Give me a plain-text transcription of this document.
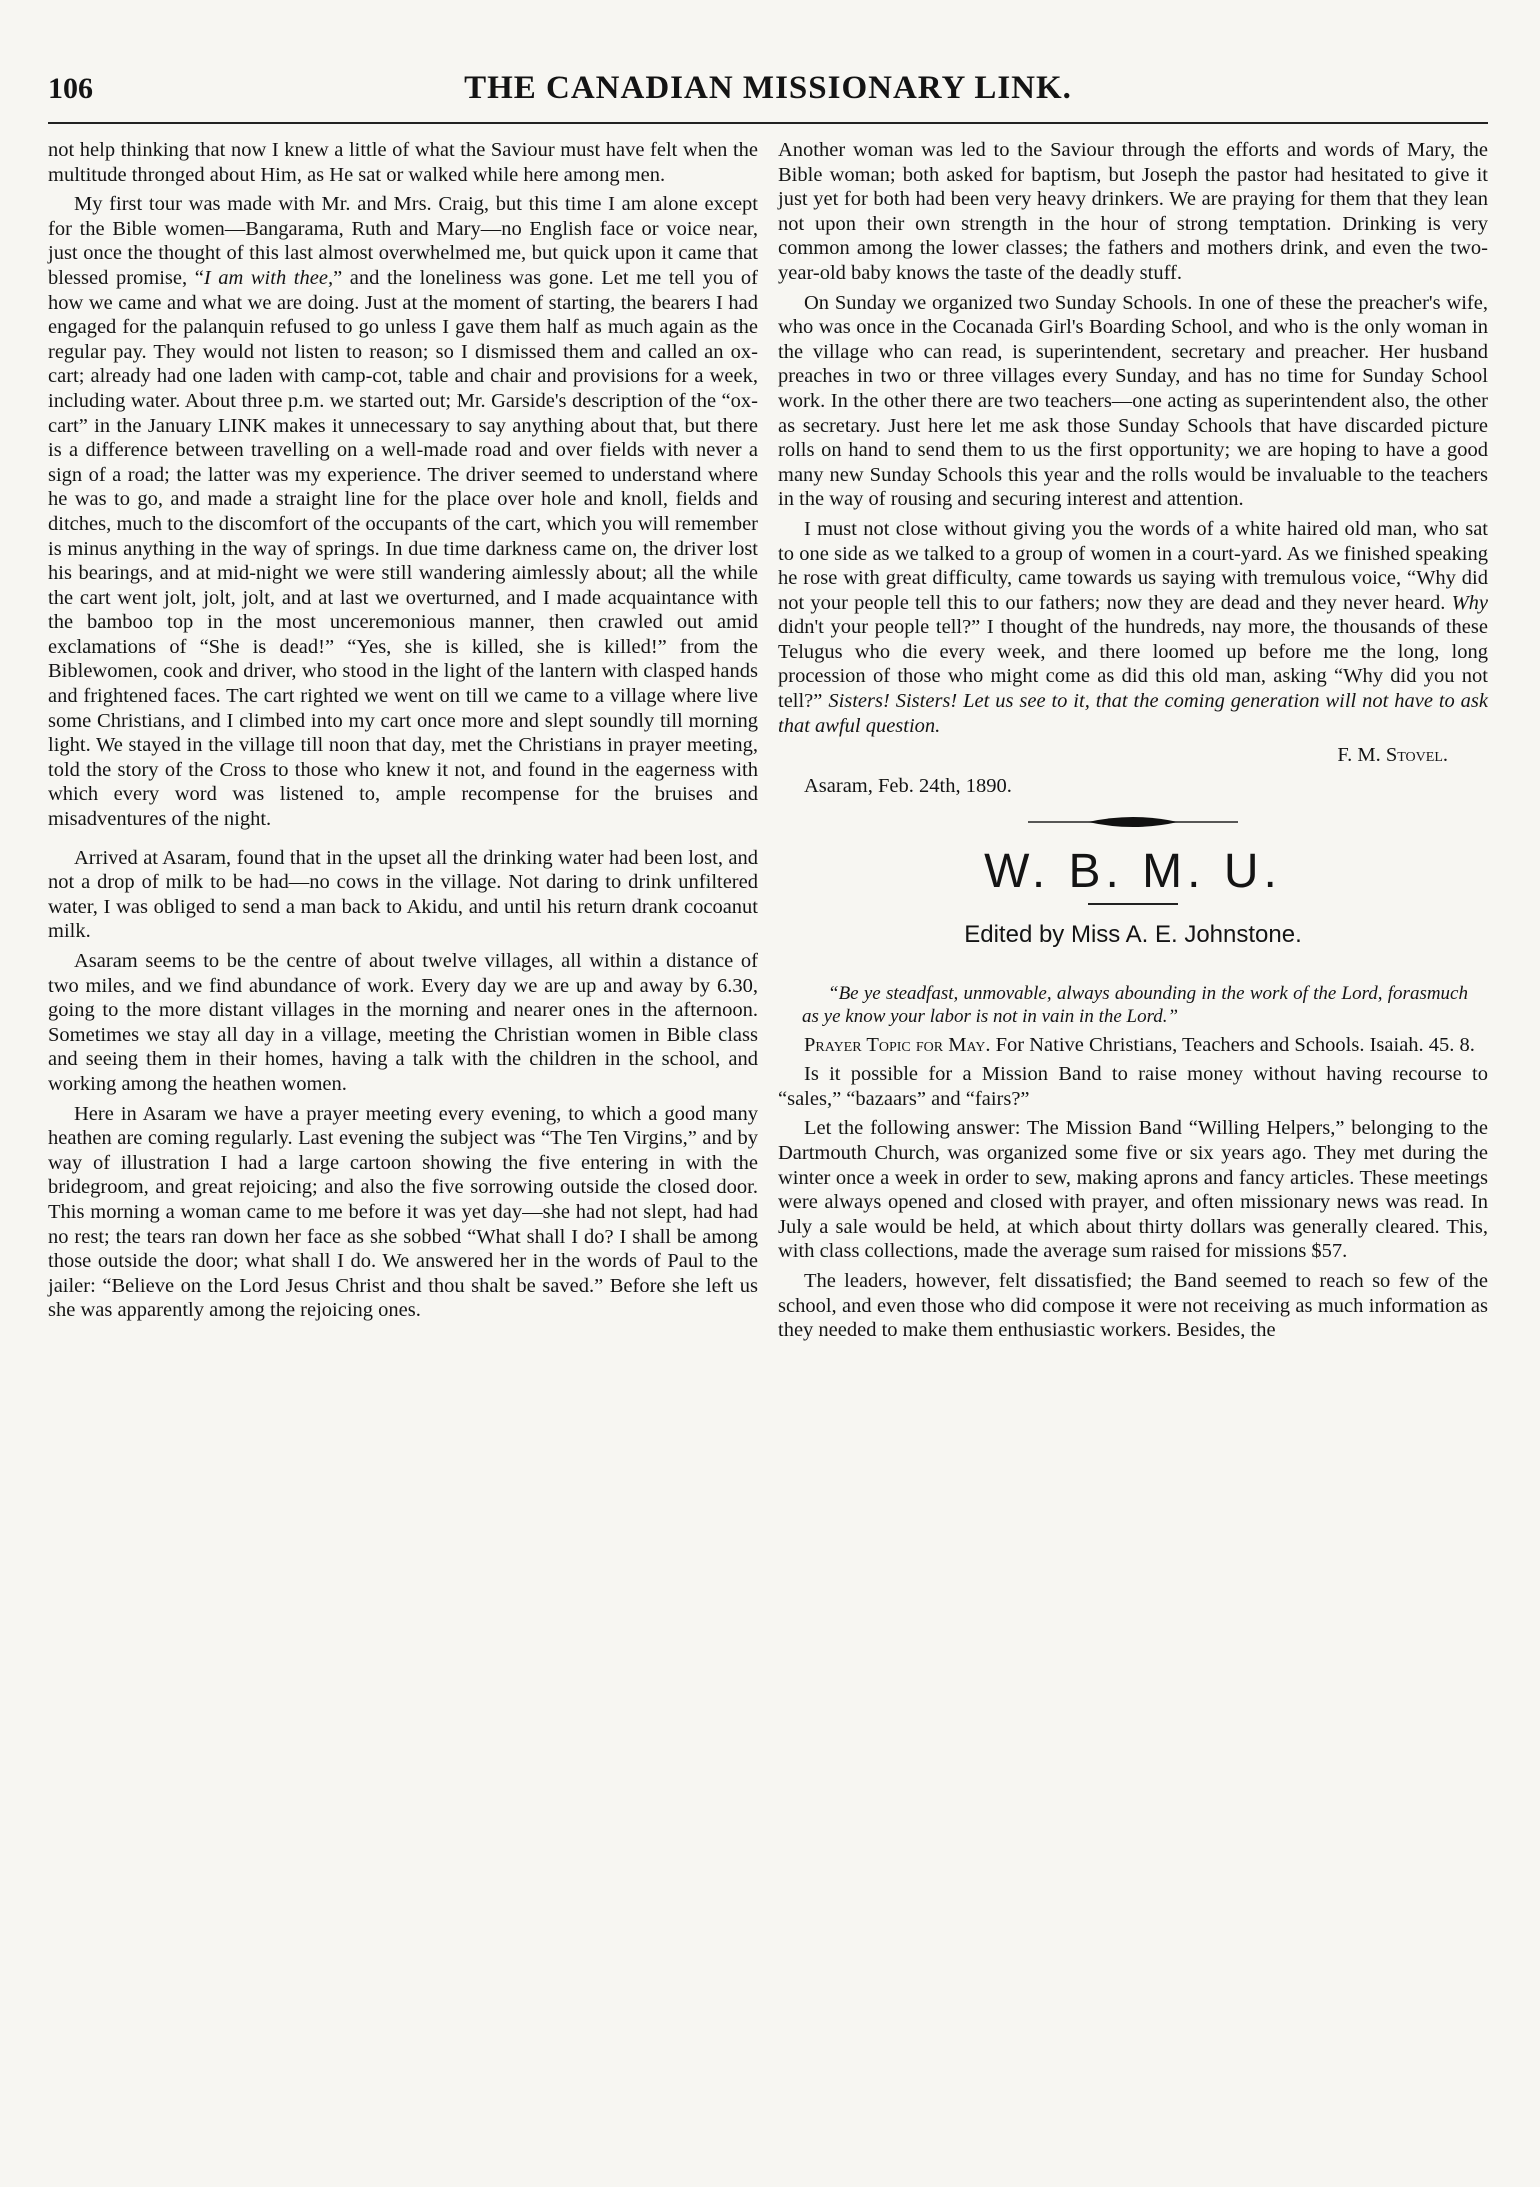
106	THE CANADIAN MISSIONARY LINK.

not help thinking that now I knew a little of what the Saviour must have felt when the multitude thronged about Him, as He sat or walked while here among men.

My first tour was made with Mr. and Mrs. Craig, but this time I am alone except for the Bible women—Bangarama, Ruth and Mary—no English face or voice near, just once the thought of this last almost overwhelmed me, but quick upon it came that blessed promise, “I am with thee,” and the loneliness was gone. Let me tell you of how we came and what we are doing. Just at the moment of starting, the bearers I had engaged for the palanquin refused to go unless I gave them half as much again as the regular pay. They would not listen to reason; so I dismissed them and called an ox-cart; already had one laden with camp-cot, table and chair and provisions for a week, including water. About three p.m. we started out; Mr. Garside's description of the “ox-cart” in the January LINK makes it unnecessary to say anything about that, but there is a difference between travelling on a well-made road and over fields with never a sign of a road; the latter was my experience. The driver seemed to understand where he was to go, and made a straight line for the place over hole and knoll, fields and ditches, much to the discomfort of the occupants of the cart, which you will remember is minus anything in the way of springs. In due time darkness came on, the driver lost his bearings, and at mid-night we were still wandering aimlessly about; all the while the cart went jolt, jolt, jolt, and at last we overturned, and I made acquaintance with the bamboo top in the most unceremonious manner, then crawled out amid exclamations of “She is dead!” “Yes, she is killed, she is killed!” from the Biblewomen, cook and driver, who stood in the light of the lantern with clasped hands and frightened faces. The cart righted we went on till we came to a village where live some Christians, and I climbed into my cart once more and slept soundly till morning light. We stayed in the village till noon that day, met the Christians in prayer meeting, told the story of the Cross to those who knew it not, and found in the eagerness with which every word was listened to, ample recompense for the bruises and misadventures of the night.

Arrived at Asaram, found that in the upset all the drinking water had been lost, and not a drop of milk to be had—no cows in the village. Not daring to drink unfiltered water, I was obliged to send a man back to Akidu, and until his return drank cocoanut milk.

Asaram seems to be the centre of about twelve villages, all within a distance of two miles, and we find abundance of work. Every day we are up and away by 6.30, going to the more distant villages in the morning and nearer ones in the afternoon. Sometimes we stay all day in a village, meeting the Christian women in Bible class and seeing them in their homes, having a talk with the children in the school, and working among the heathen women.

Here in Asaram we have a prayer meeting every evening, to which a good many heathen are coming regularly. Last evening the subject was “The Ten Virgins,” and by way of illustration I had a large cartoon showing the five entering in with the bridegroom, and great rejoicing; and also the five sorrowing outside the closed door. This morning a woman came to me before it was yet day—she had not slept, had had no rest; the tears ran down her face as she sobbed “What shall I do? I shall be among those outside the door; what shall I do. We answered her in the words of Paul to the jailer: “Believe on the Lord Jesus Christ and thou shalt be saved.” Before she left us she was apparently among the rejoicing ones.

Another woman was led to the Saviour through the efforts and words of Mary, the Bible woman; both asked for baptism, but Joseph the pastor had hesitated to give it just yet for both had been very heavy drinkers. We are praying for them that they lean not upon their own strength in the hour of strong temptation. Drinking is very common among the lower classes; the fathers and mothers drink, and even the two-year-old baby knows the taste of the deadly stuff.

On Sunday we organized two Sunday Schools. In one of these the preacher's wife, who was once in the Cocanada Girl's Boarding School, and who is the only woman in the village who can read, is superintendent, secretary and preacher. Her husband preaches in two or three villages every Sunday, and has no time for Sunday School work. In the other there are two teachers—one acting as superintendent also, the other as secretary. Just here let me ask those Sunday Schools that have discarded picture rolls on hand to send them to us the first opportunity; we are hoping to have a good many new Sunday Schools this year and the rolls would be invaluable to the teachers in the way of rousing and securing interest and attention.

I must not close without giving you the words of a white haired old man, who sat to one side as we talked to a group of women in a court-yard. As we finished speaking he rose with great difficulty, came towards us saying with tremulous voice, “Why did not your people tell this to our fathers; now they are dead and they never heard. Why didn't your people tell?” I thought of the hundreds, nay more, the thousands of these Telugus who die every week, and there loomed up before me the long, long procession of those who might come as did this old man, asking “Why did you not tell?” Sisters! Sisters! Let us see to it, that the coming generation will not have to ask that awful question.

F. M. Stovel.
Asaram, Feb. 24th, 1890.
W. B. M. U.
Edited by Miss A. E. Johnstone.

“Be ye steadfast, unmovable, always abounding in the work of the Lord, forasmuch as ye know your labor is not in vain in the Lord.”

Prayer Topic for May. For Native Christians, Teachers and Schools. Isaiah. 45. 8.

Is it possible for a Mission Band to raise money without having recourse to “sales,” “bazaars” and “fairs?”

Let the following answer: The Mission Band “Willing Helpers,” belonging to the Dartmouth Church, was organized some five or six years ago. They met during the winter once a week in order to sew, making aprons and fancy articles. These meetings were always opened and closed with prayer, and often missionary news was read. In July a sale would be held, at which about thirty dollars was generally cleared. This, with class collections, made the average sum raised for missions $57.

The leaders, however, felt dissatisfied; the Band seemed to reach so few of the school, and even those who did compose it were not receiving as much information as they needed to make them enthusiastic workers. Besides, the
